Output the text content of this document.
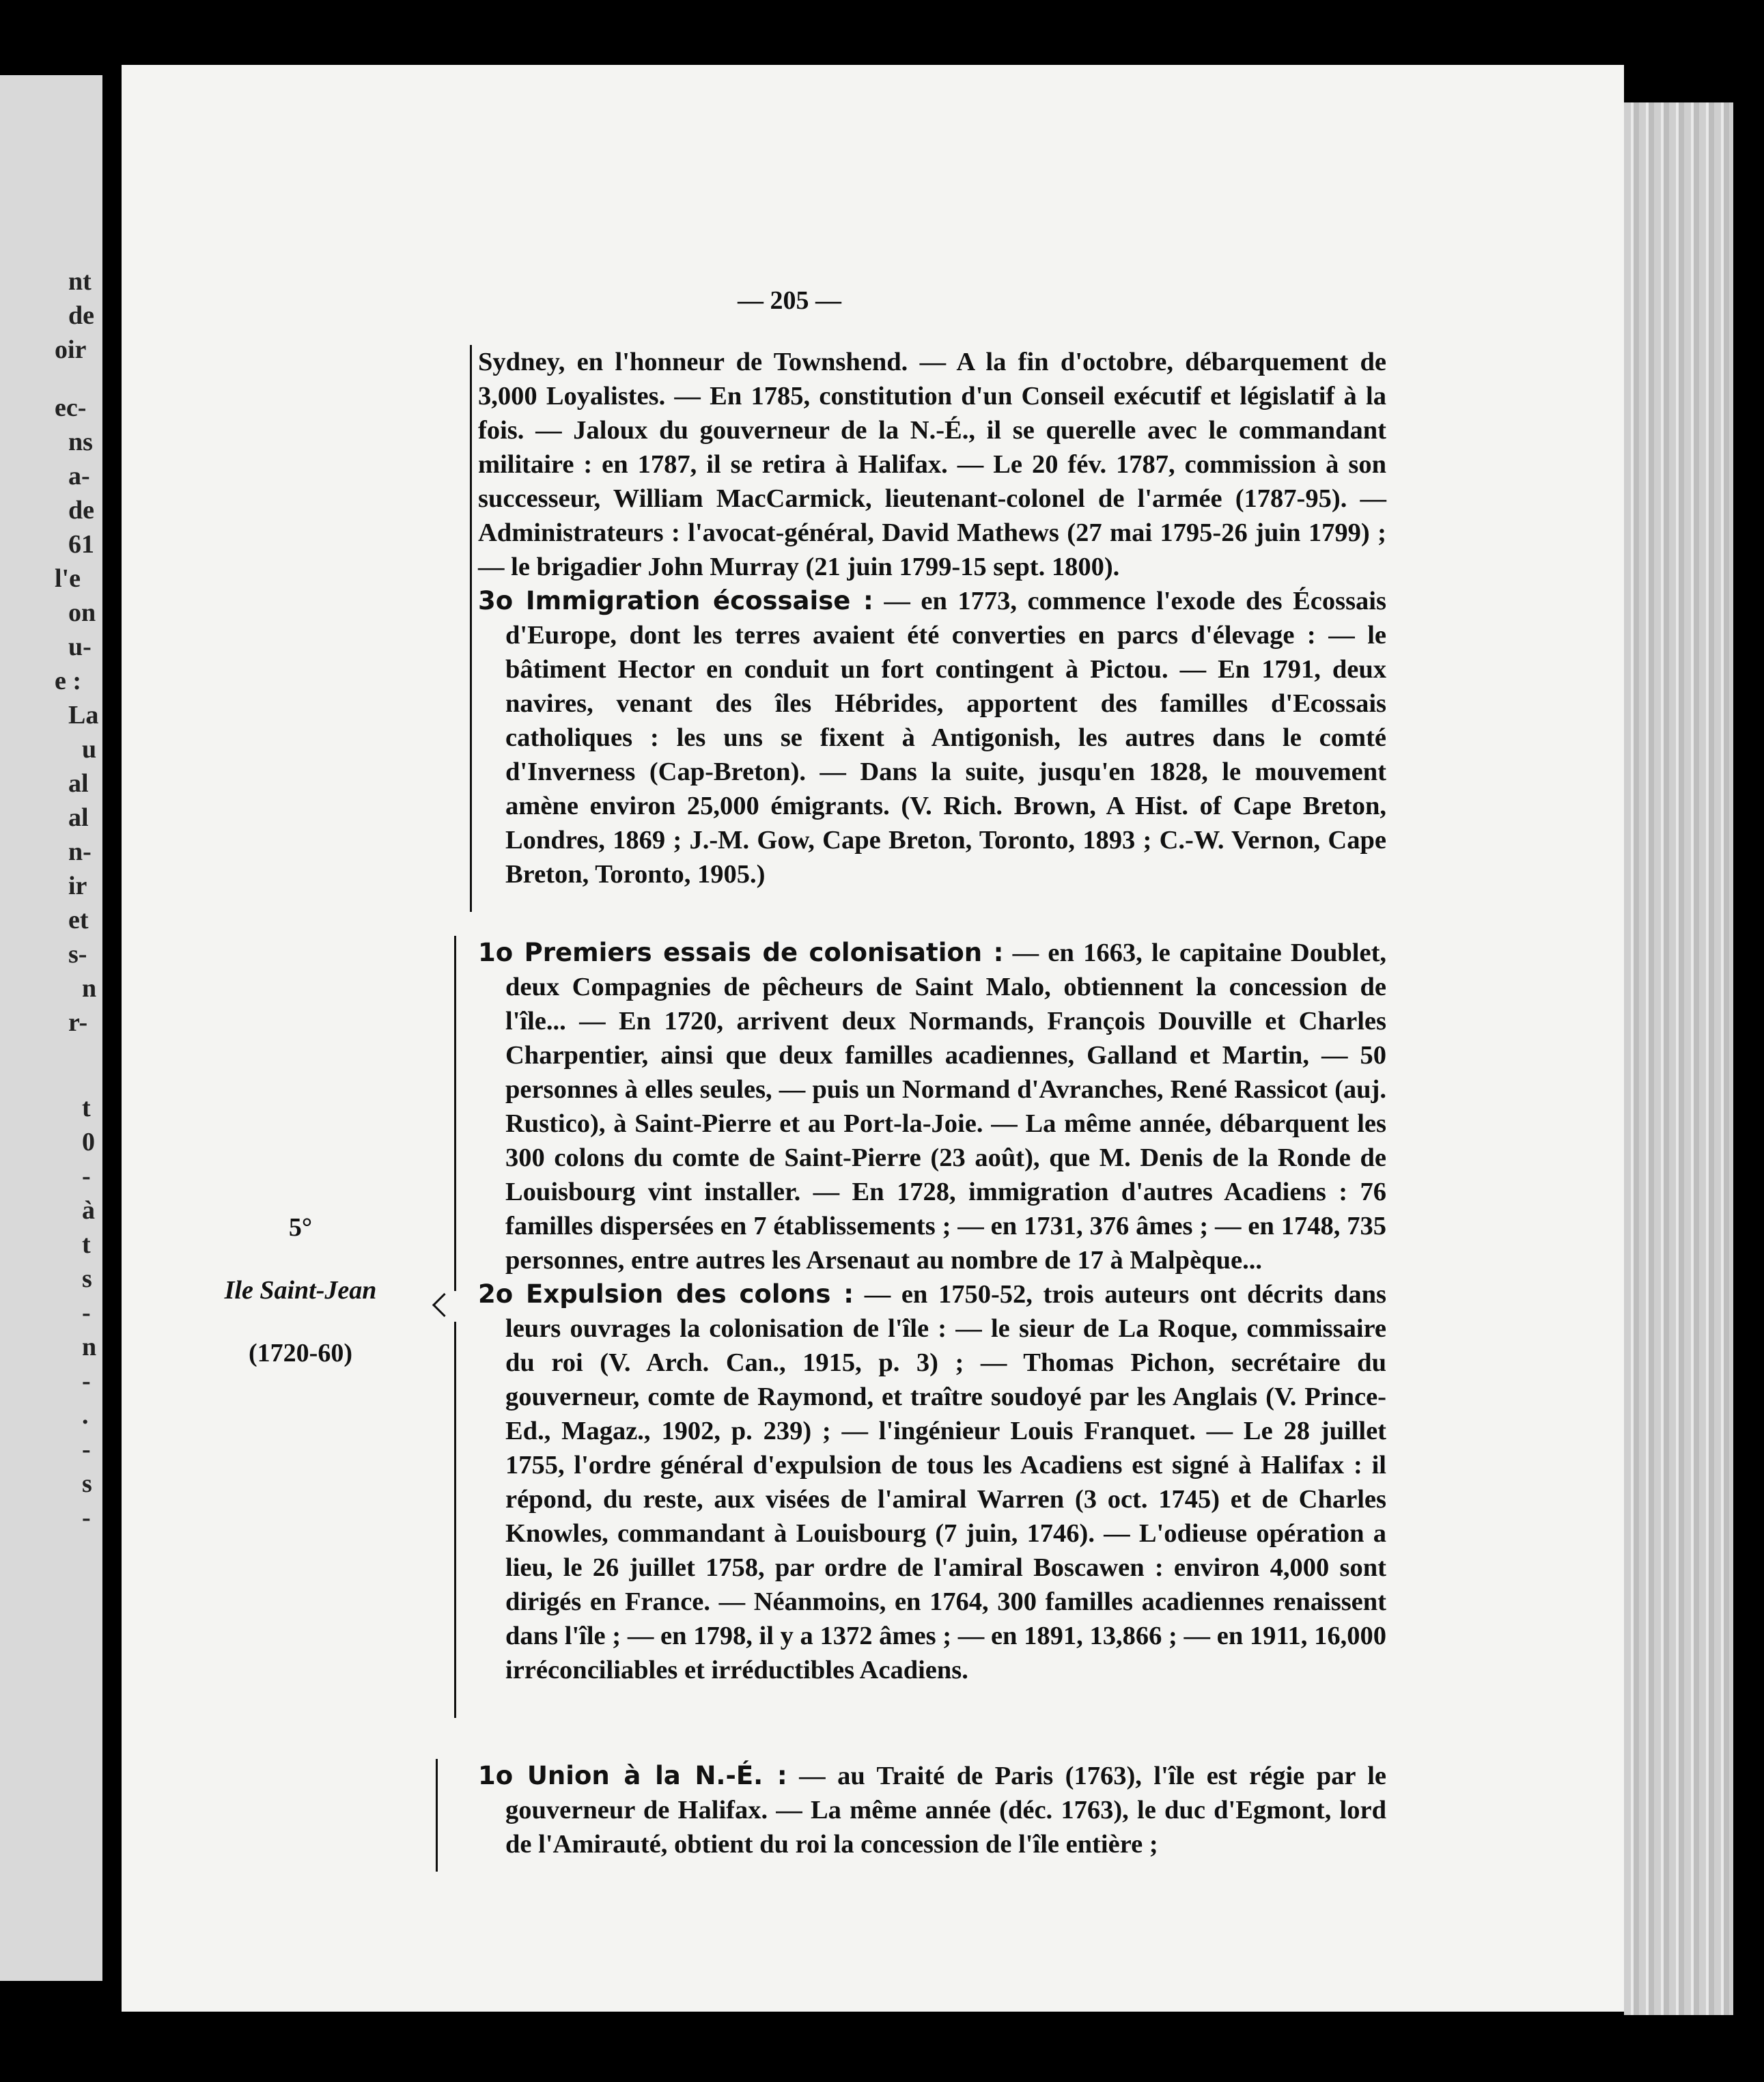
nt
de
oir
ec-
ns
a-
de
61
l'e
on
u-
e :
La
u
al
al
n-
ir
et
s-
n
r-
t
0
-
à
t
s
-
n
-
.
-
s
-
— 205 —

Sydney, en l'honneur de Townshend. — A la fin d'octobre, débarquement de 3,000 Loyalistes. — En 1785, constitution d'un Conseil exécutif et législatif à la fois. — Jaloux du gouverneur de la N.-É., il se querelle avec le commandant militaire : en 1787, il se retira à Halifax. — Le 20 fév. 1787, commission à son successeur, William MacCarmick, lieutenant-colonel de l'armée (1787-95). — Administrateurs : l'avocat-général, David Mathews (27 mai 1795-26 juin 1799) ; — le brigadier John Murray (21 juin 1799-15 sept. 1800).

3o Immigration écossaise : — en 1773, commence l'exode des Écossais d'Europe, dont les terres avaient été converties en parcs d'élevage : — le bâtiment Hector en conduit un fort contingent à Pictou. — En 1791, deux navires, venant des îles Hébrides, apportent des familles d'Ecossais catholiques : les uns se fixent à Antigonish, les autres dans le comté d'Inverness (Cap-Breton). — Dans la suite, jusqu'en 1828, le mouvement amène environ 25,000 émigrants. (V. Rich. Brown, A Hist. of Cape Breton, Londres, 1869 ; J.-M. Gow, Cape Breton, Toronto, 1893 ; C.-W. Vernon, Cape Breton, Toronto, 1905.)

5°
Ile Saint-Jean
(1720-60)

1o Premiers essais de colonisation : — en 1663, le capitaine Doublet, deux Compagnies de pêcheurs de Saint Malo, obtiennent la concession de l'île... — En 1720, arrivent deux Normands, François Douville et Charles Charpentier, ainsi que deux familles acadiennes, Galland et Martin, — 50 personnes à elles seules, — puis un Normand d'Avranches, René Rassicot (auj. Rustico), à Saint-Pierre et au Port-la-Joie. — La même année, débarquent les 300 colons du comte de Saint-Pierre (23 août), que M. Denis de la Ronde de Louisbourg vint installer. — En 1728, immigration d'autres Acadiens : 76 familles dispersées en 7 établissements ; — en 1731, 376 âmes ; — en 1748, 735 personnes, entre autres les Arsenaut au nombre de 17 à Malpèque...

2o Expulsion des colons : — en 1750-52, trois auteurs ont décrits dans leurs ouvrages la colonisation de l'île : — le sieur de La Roque, commissaire du roi (V. Arch. Can., 1915, p. 3) ; — Thomas Pichon, secrétaire du gouverneur, comte de Raymond, et traître soudoyé par les Anglais (V. Prince-Ed., Magaz., 1902, p. 239) ; — l'ingénieur Louis Franquet. — Le 28 juillet 1755, l'ordre général d'expulsion de tous les Acadiens est signé à Halifax : il répond, du reste, aux visées de l'amiral Warren (3 oct. 1745) et de Charles Knowles, commandant à Louisbourg (7 juin, 1746). — L'odieuse opération a lieu, le 26 juillet 1758, par ordre de l'amiral Boscawen : environ 4,000 sont dirigés en France. — Néanmoins, en 1764, 300 familles acadiennes renaissent dans l'île ; — en 1798, il y a 1372 âmes ; — en 1891, 13,866 ; — en 1911, 16,000 irréconciliables et irréductibles Acadiens.

1o Union à la N.-É. : — au Traité de Paris (1763), l'île est régie par le gouverneur de Halifax. — La même année (déc. 1763), le duc d'Egmont, lord de l'Amirauté, obtient du roi la concession de l'île entière ;
